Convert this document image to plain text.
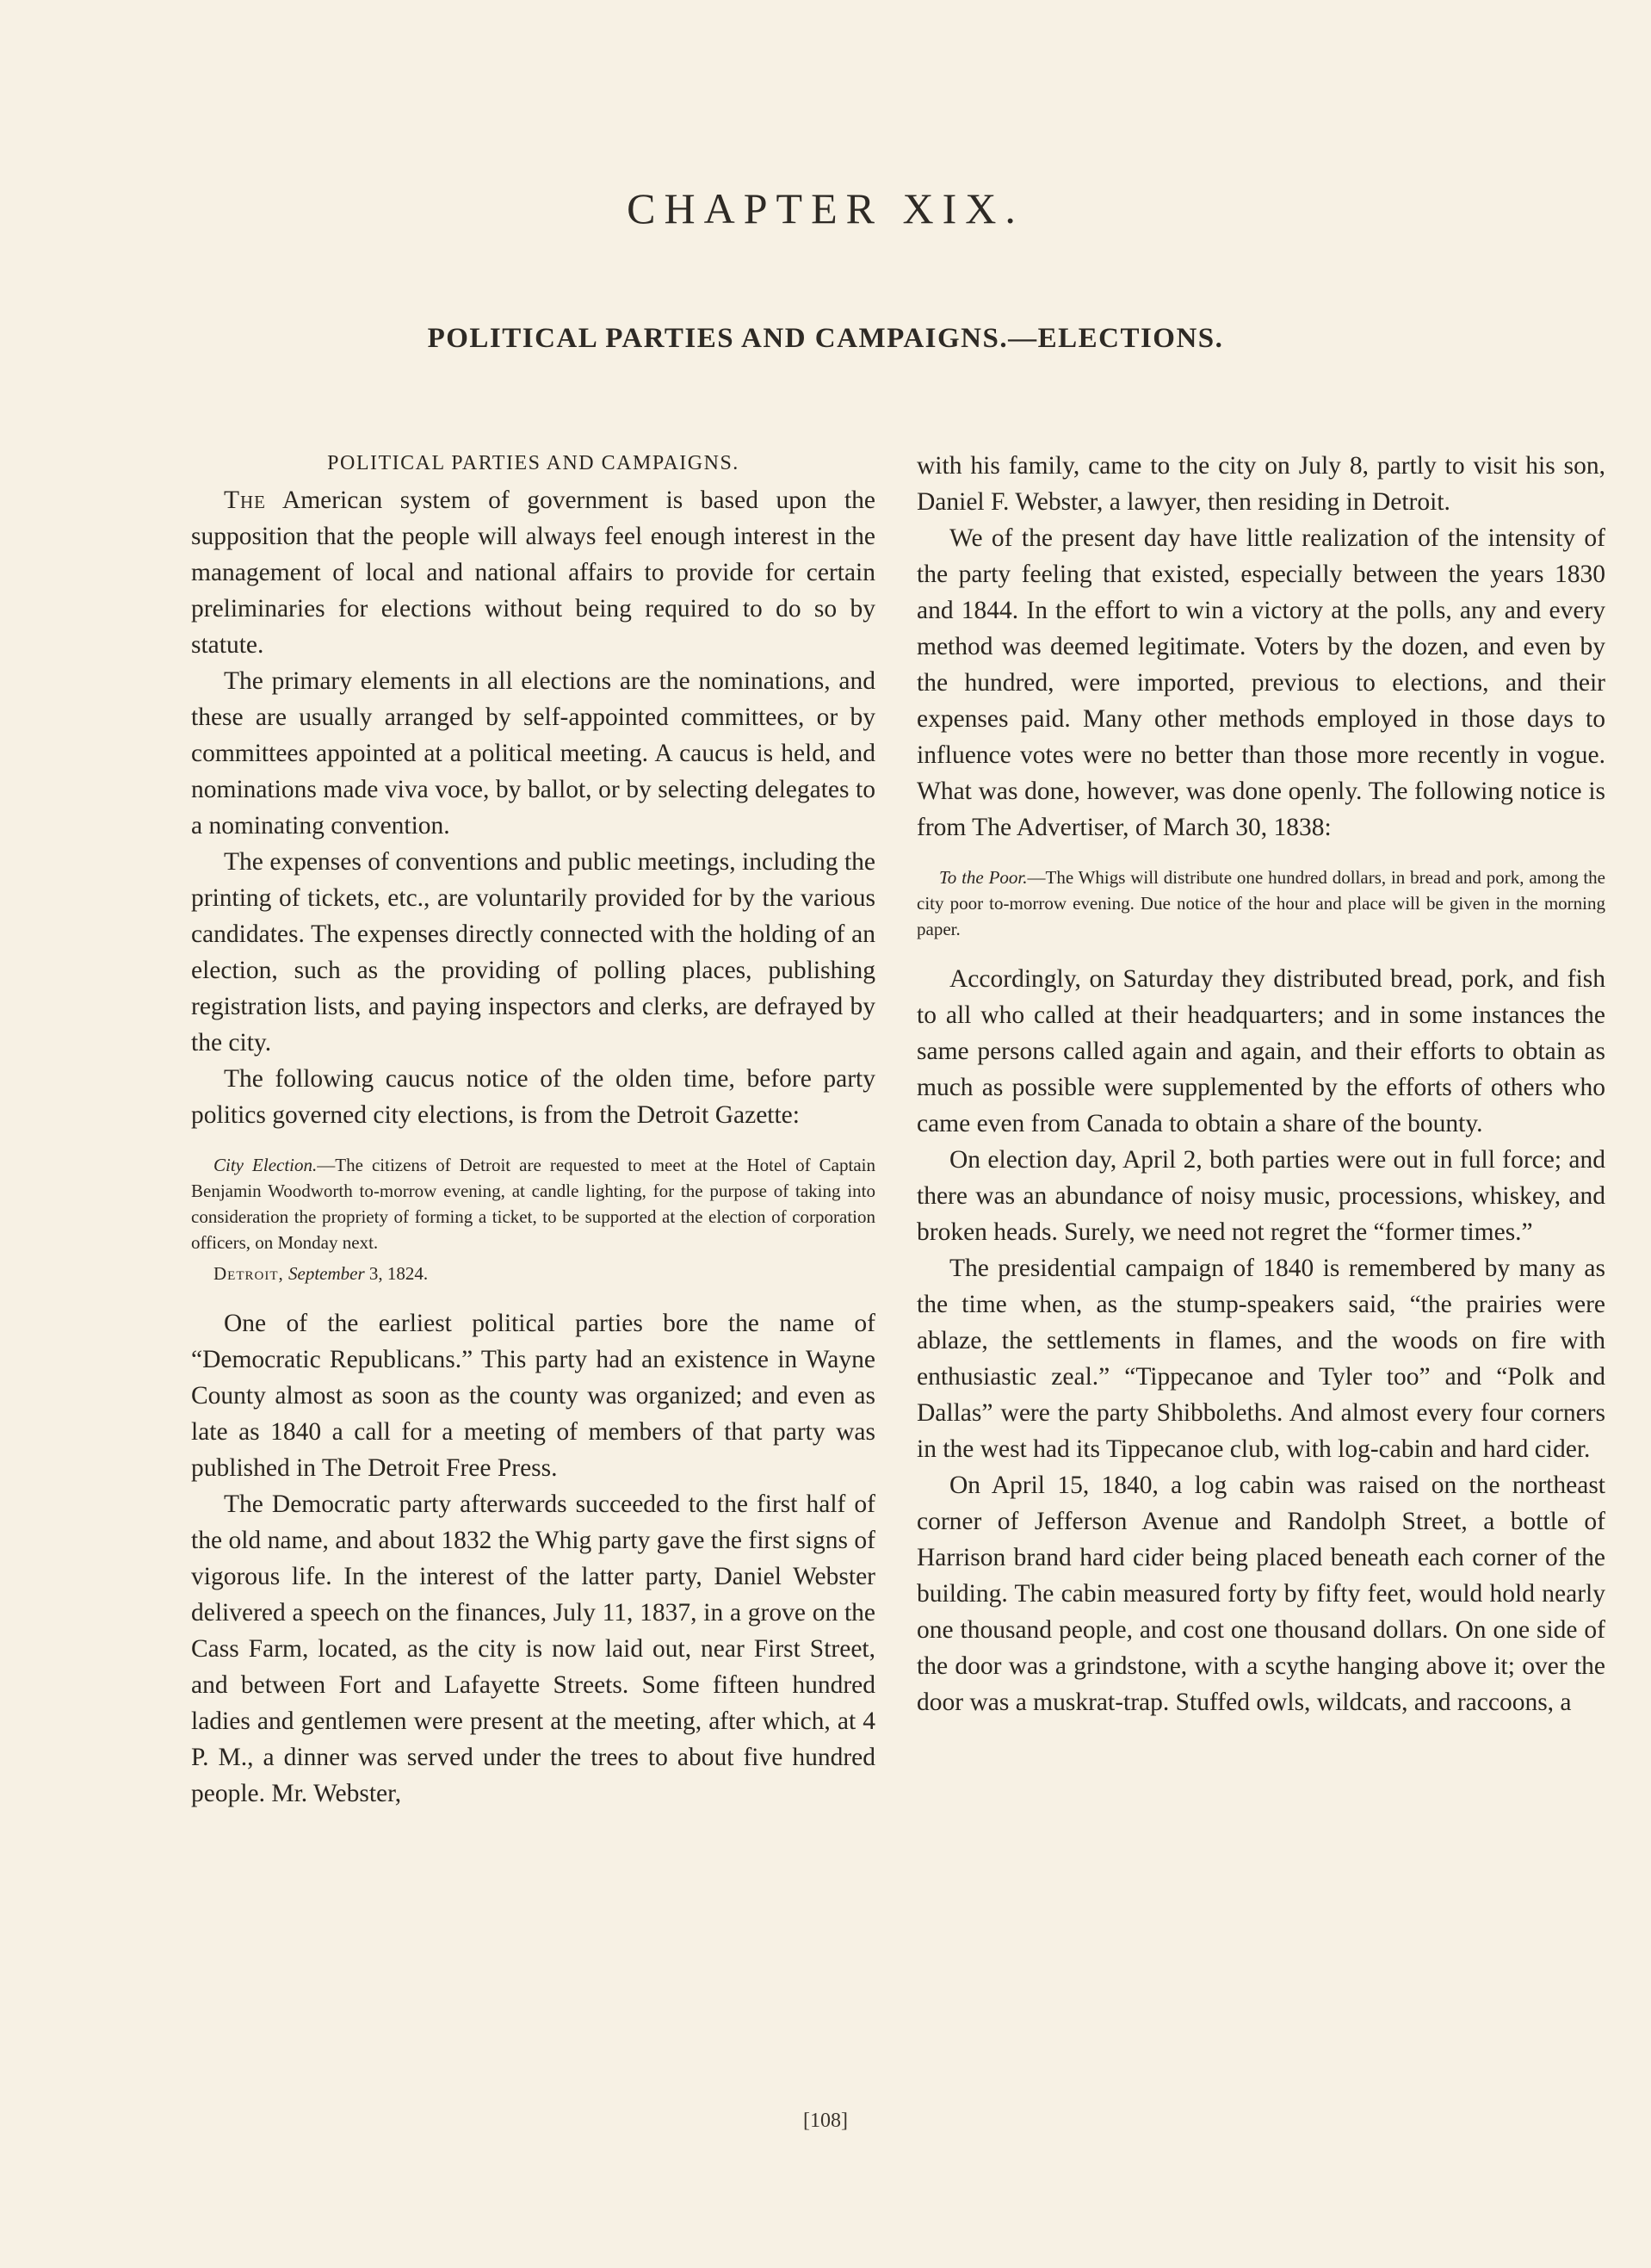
CHAPTER XIX.
POLITICAL PARTIES AND CAMPAIGNS.—ELECTIONS.

POLITICAL PARTIES AND CAMPAIGNS.

The American system of government is based upon the supposition that the people will always feel enough interest in the management of local and national affairs to provide for certain preliminaries for elections without being required to do so by statute.

The primary elements in all elections are the nominations, and these are usually arranged by self-appointed committees, or by committees appointed at a political meeting. A caucus is held, and nominations made viva voce, by ballot, or by selecting delegates to a nominating convention.

The expenses of conventions and public meetings, including the printing of tickets, etc., are voluntarily provided for by the various candidates. The expenses directly connected with the holding of an election, such as the providing of polling places, publishing registration lists, and paying inspectors and clerks, are defrayed by the city.

The following caucus notice of the olden time, before party politics governed city elections, is from the Detroit Gazette:

City Election.—The citizens of Detroit are requested to meet at the Hotel of Captain Benjamin Woodworth to-morrow evening, at candle lighting, for the purpose of taking into consideration the propriety of forming a ticket, to be supported at the election of corporation officers, on Monday next.
Detroit, September 3, 1824.

One of the earliest political parties bore the name of “Democratic Republicans.” This party had an existence in Wayne County almost as soon as the county was organized; and even as late as 1840 a call for a meeting of members of that party was published in The Detroit Free Press.

The Democratic party afterwards succeeded to the first half of the old name, and about 1832 the Whig party gave the first signs of vigorous life. In the interest of the latter party, Daniel Webster delivered a speech on the finances, July 11, 1837, in a grove on the Cass Farm, located, as the city is now laid out, near First Street, and between Fort and Lafayette Streets. Some fifteen hundred ladies and gentlemen were present at the meeting, after which, at 4 P. M., a dinner was served under the trees to about five hundred people. Mr. Webster,

with his family, came to the city on July 8, partly to visit his son, Daniel F. Webster, a lawyer, then residing in Detroit.

We of the present day have little realization of the intensity of the party feeling that existed, especially between the years 1830 and 1844. In the effort to win a victory at the polls, any and every method was deemed legitimate. Voters by the dozen, and even by the hundred, were imported, previous to elections, and their expenses paid. Many other methods employed in those days to influence votes were no better than those more recently in vogue. What was done, however, was done openly. The following notice is from The Advertiser, of March 30, 1838:

To the Poor.—The Whigs will distribute one hundred dollars, in bread and pork, among the city poor to-morrow evening. Due notice of the hour and place will be given in the morning paper.

Accordingly, on Saturday they distributed bread, pork, and fish to all who called at their headquarters; and in some instances the same persons called again and again, and their efforts to obtain as much as possible were supplemented by the efforts of others who came even from Canada to obtain a share of the bounty.

On election day, April 2, both parties were out in full force; and there was an abundance of noisy music, processions, whiskey, and broken heads. Surely, we need not regret the “former times.”

The presidential campaign of 1840 is remembered by many as the time when, as the stump-speakers said, “the prairies were ablaze, the settlements in flames, and the woods on fire with enthusiastic zeal.” “Tippecanoe and Tyler too” and “Polk and Dallas” were the party Shibboleths. And almost every four corners in the west had its Tippecanoe club, with log-cabin and hard cider.

On April 15, 1840, a log cabin was raised on the northeast corner of Jefferson Avenue and Randolph Street, a bottle of Harrison brand hard cider being placed beneath each corner of the building. The cabin measured forty by fifty feet, would hold nearly one thousand people, and cost one thousand dollars. On one side of the door was a grindstone, with a scythe hanging above it; over the door was a muskrat-trap. Stuffed owls, wildcats, and raccoons, a

[108]
